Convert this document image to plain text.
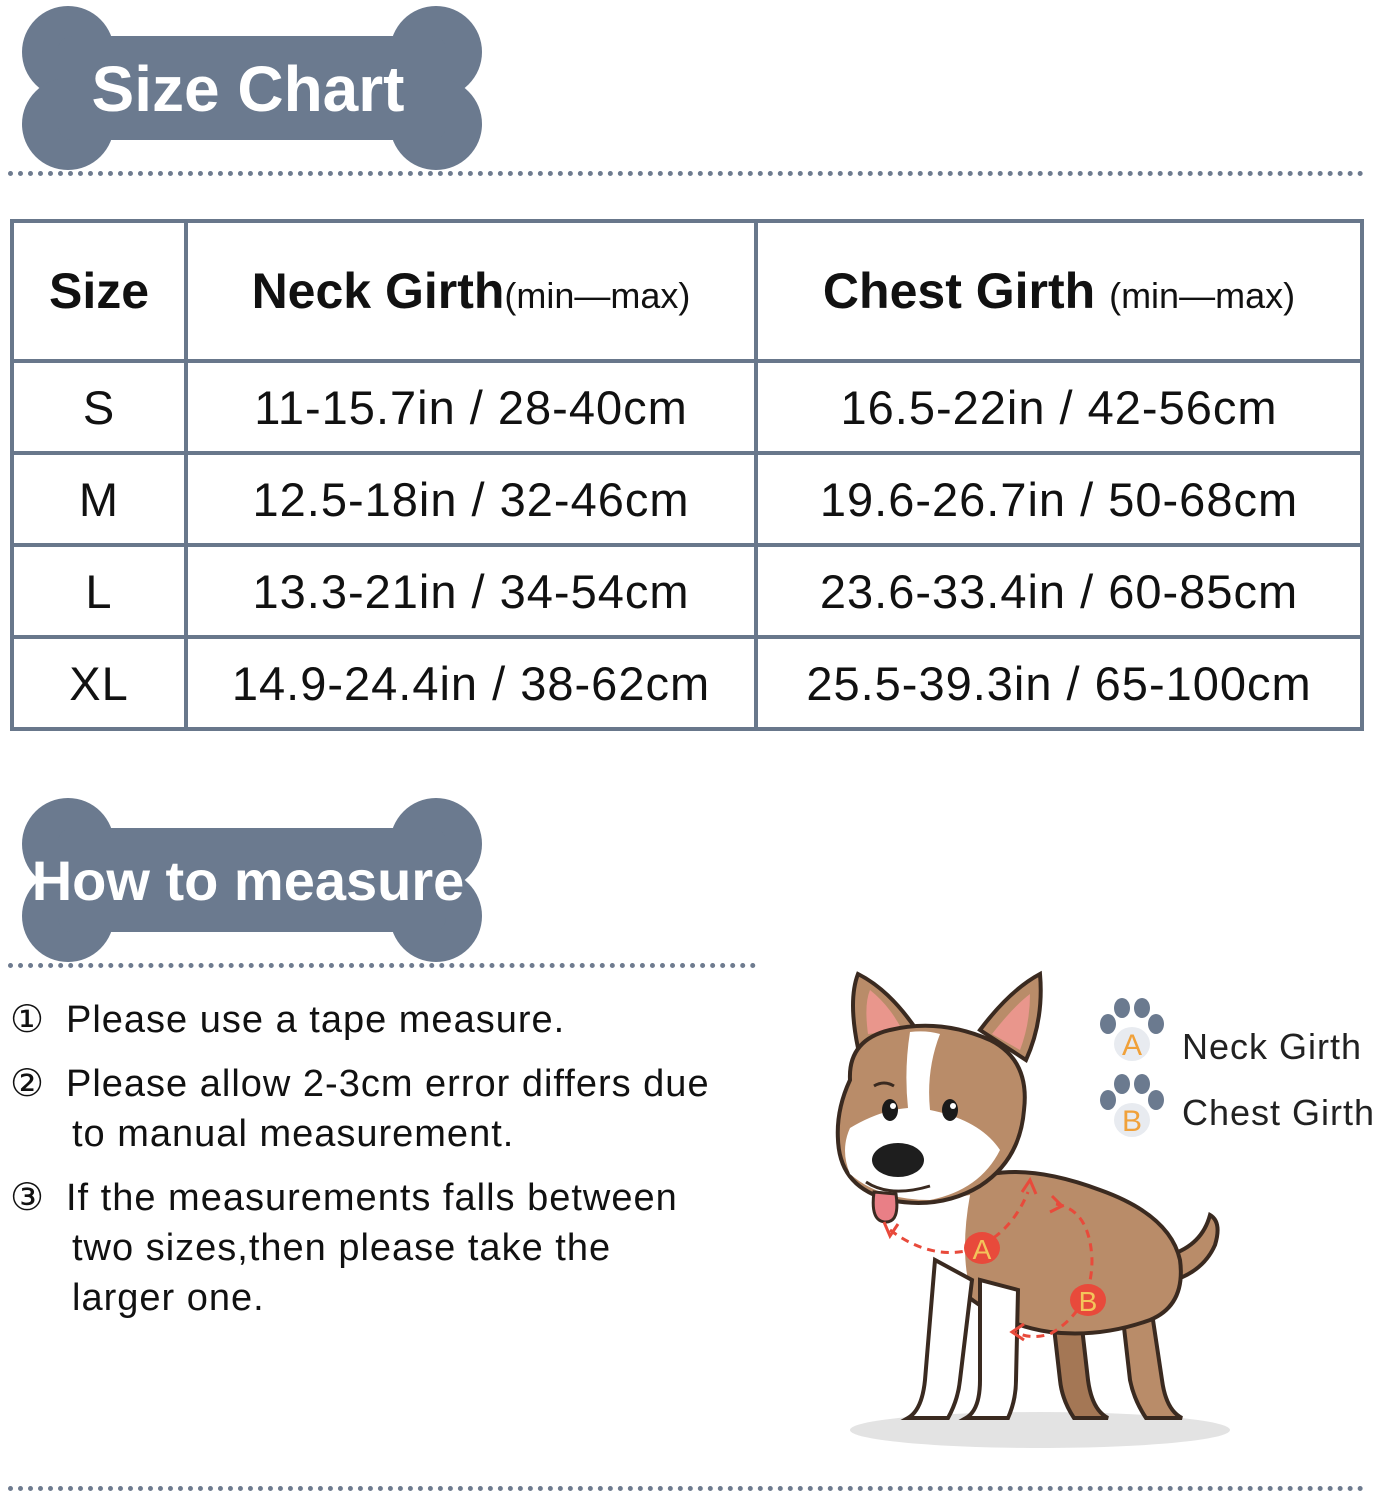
Size Chart
Size	Neck Girth(min—max)	Chest Girth (min—max)
S	11-15.7in / 28-40cm	16.5-22in / 42-56cm
M	12.5-18in / 32-46cm	19.6-26.7in / 50-68cm
L	13.3-21in / 34-54cm	23.6-33.4in / 60-85cm
XL	14.9-24.4in / 38-62cm	25.5-39.3in / 65-100cm
How to measure
① Please use a tape measure.
② Please allow 2-3cm error differs due
to manual measurement.
③ If the measurements falls between
two sizes,then please take the
larger one.
A Neck Girth
B Chest Girth
A
B
